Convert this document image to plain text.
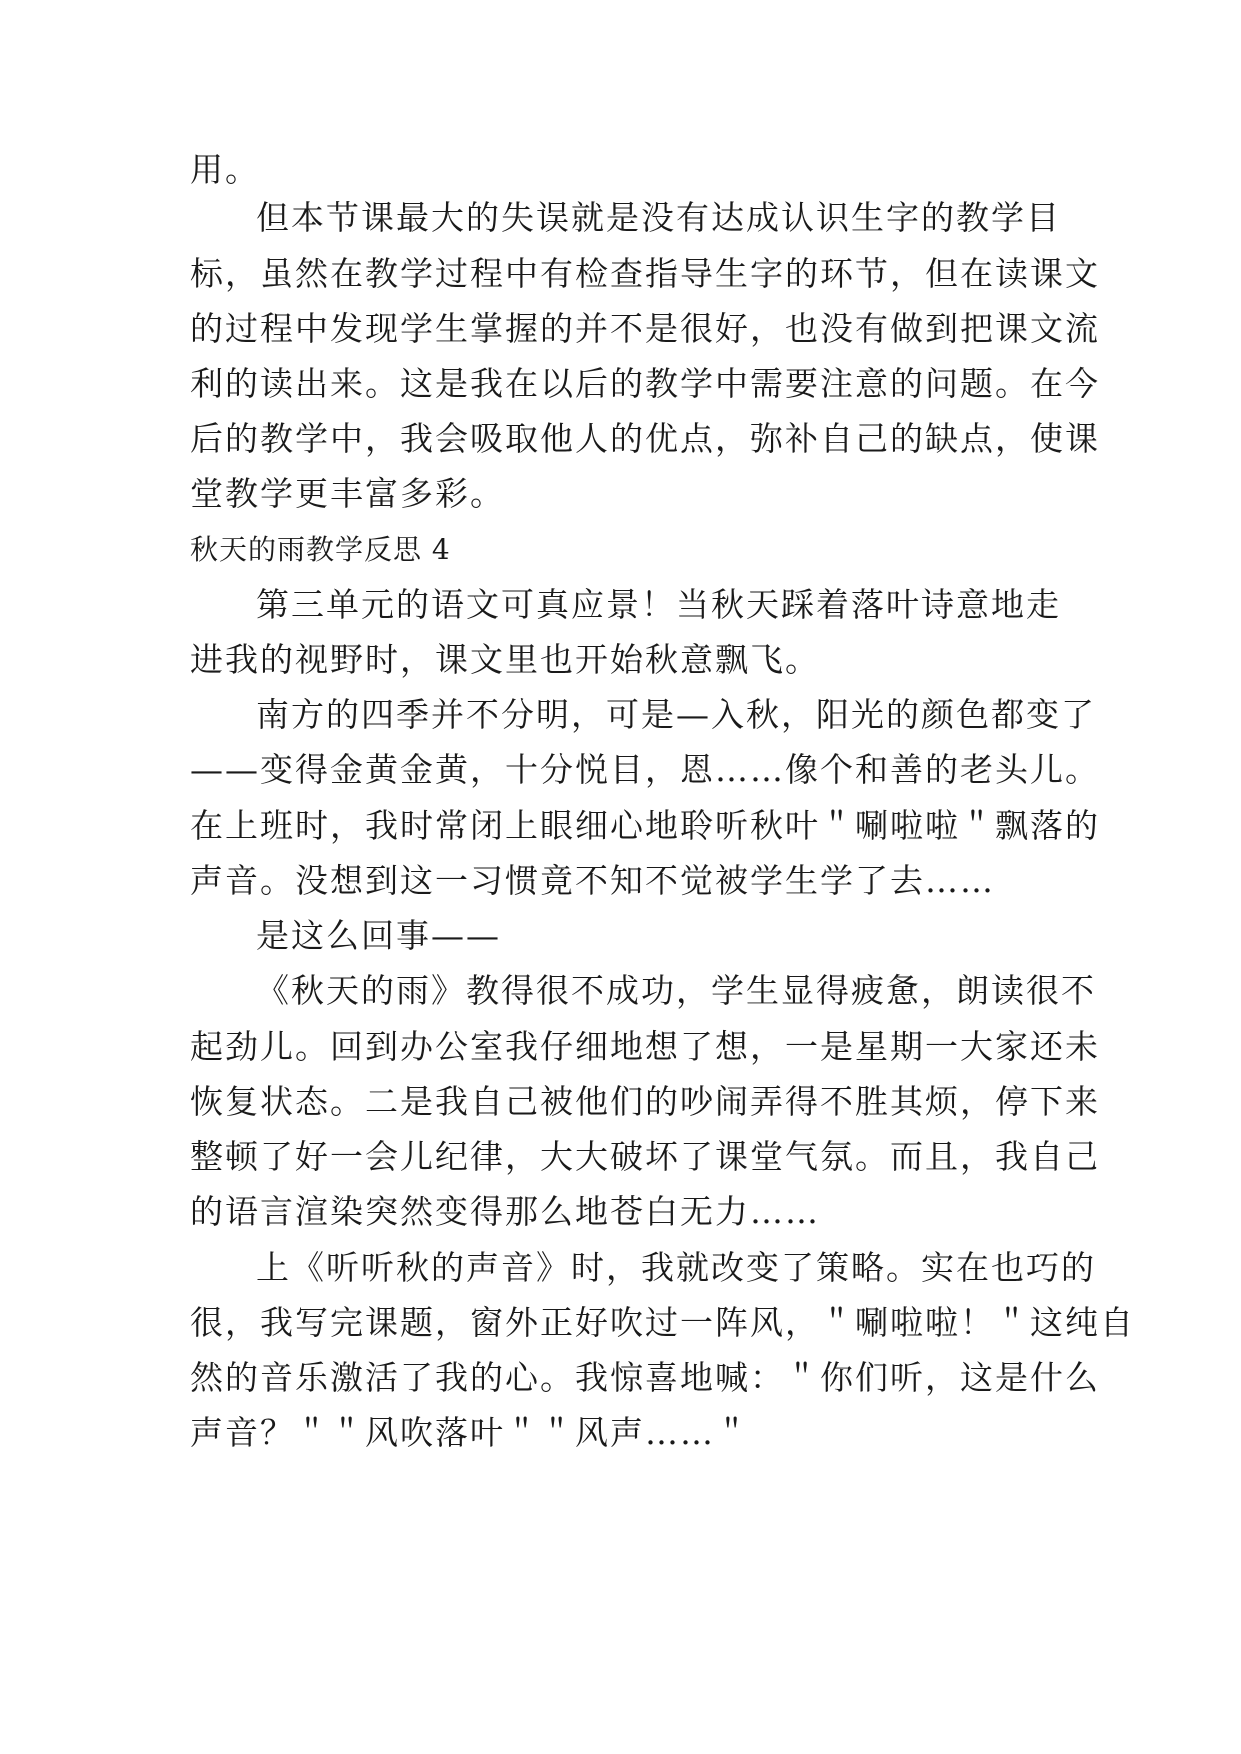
用。
但本节课最大的失误就是没有达成认识生字的教学目
标，虽然在教学过程中有检查指导生字的环节，但在读课文
的过程中发现学生掌握的并不是很好，也没有做到把课文流
利的读出来。这是我在以后的教学中需要注意的问题。在今
后的教学中，我会吸取他人的优点，弥补自己的缺点，使课
堂教学更丰富多彩。
秋天的雨教学反思 4
第三单元的语文可真应景！当秋天踩着落叶诗意地走
进我的视野时，课文里也开始秋意飘飞。
南方的四季并不分明，可是—入秋，阳光的颜色都变了
——变得金黄金黄，十分悦目，恩……像个和善的老头儿。
在上班时，我时常闭上眼细心地聆听秋叶＂唰啦啦＂飘落的
声音。没想到这一习惯竟不知不觉被学生学了去……
是这么回事——
《秋天的雨》教得很不成功，学生显得疲惫，朗读很不
起劲儿。回到办公室我仔细地想了想，一是星期一大家还未
恢复状态。二是我自己被他们的吵闹弄得不胜其烦，停下来
整顿了好一会儿纪律，大大破坏了课堂气氛。而且，我自己
的语言渲染突然变得那么地苍白无力……
上《听听秋的声音》时，我就改变了策略。实在也巧的
很，我写完课题，窗外正好吹过一阵风，＂唰啦啦！＂这纯自
然的音乐激活了我的心。我惊喜地喊：＂你们听，这是什么
声音？＂＂风吹落叶＂＂风声……＂
